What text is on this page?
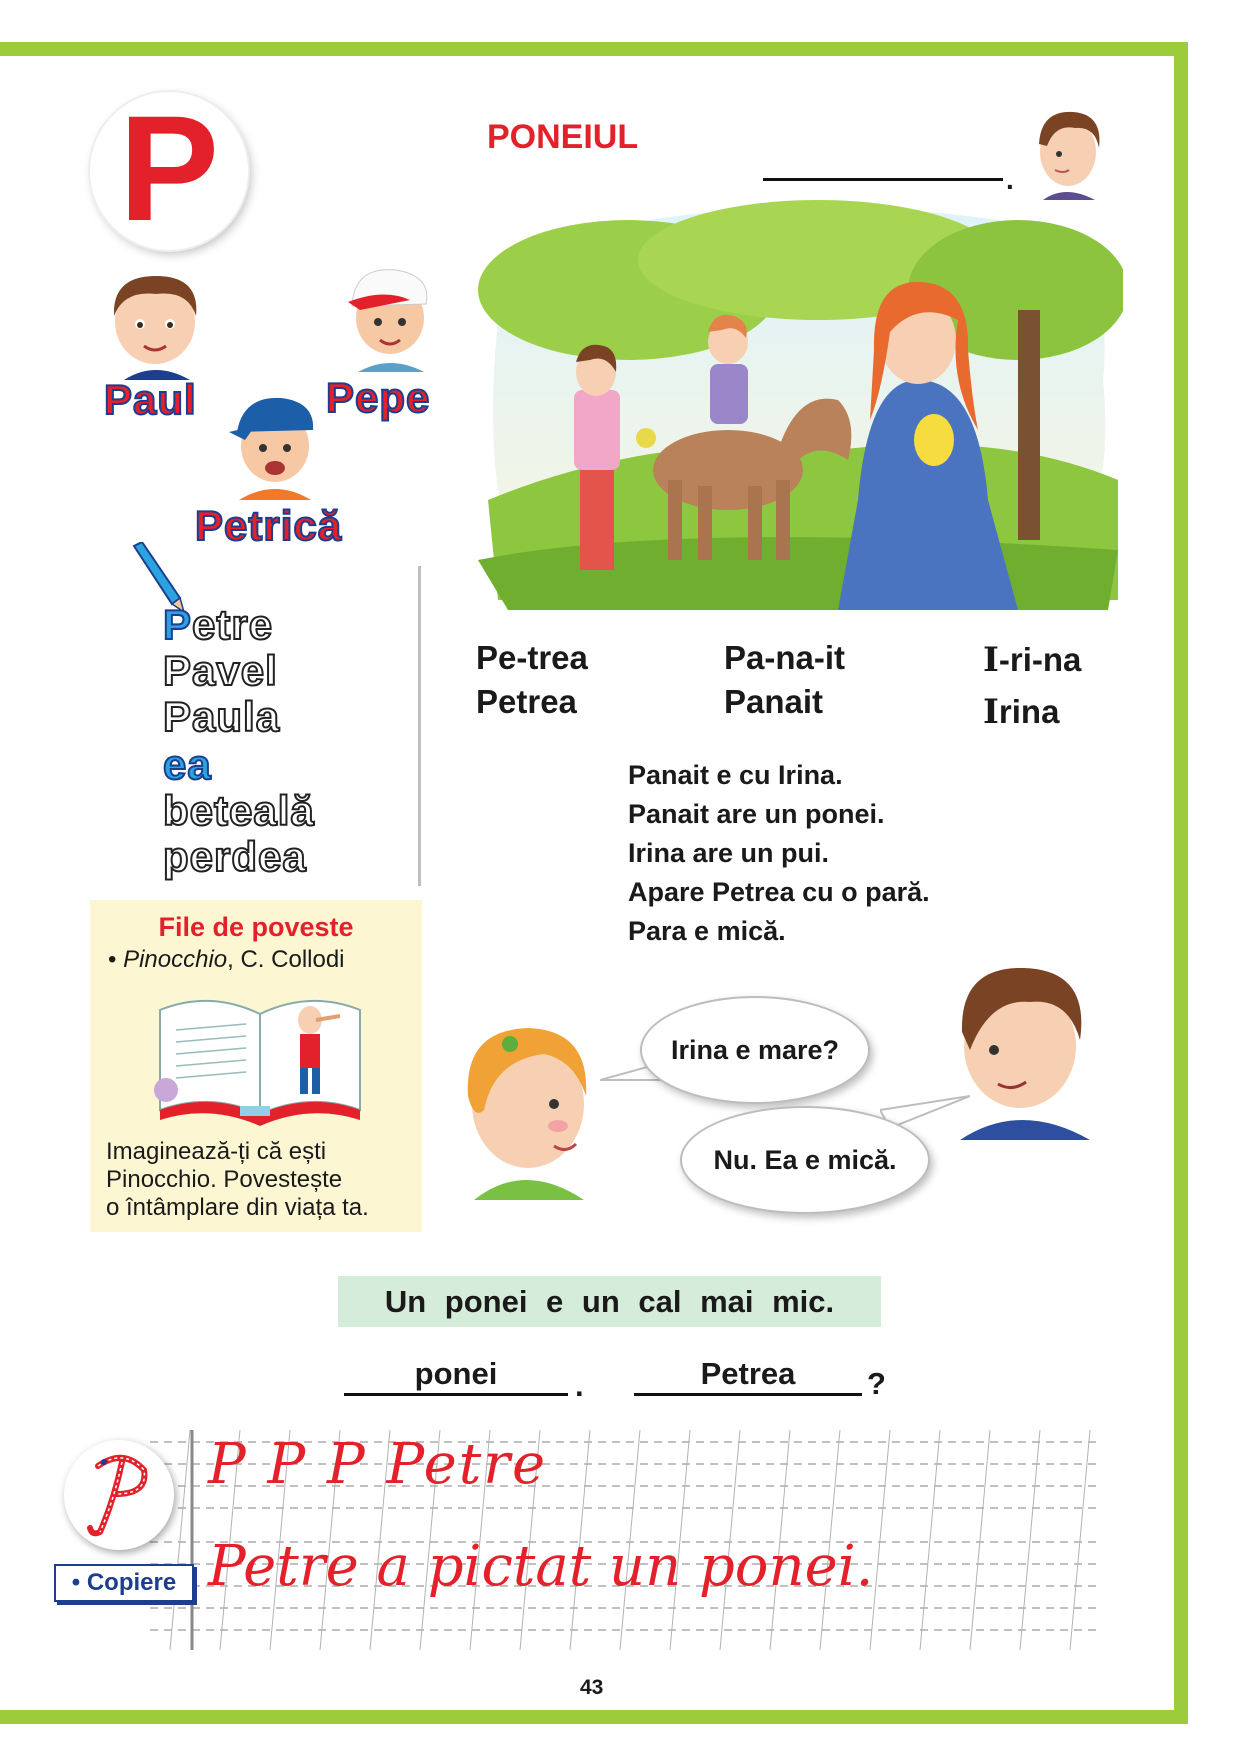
P	PONEIUL
.
Paul	Pepe
Petrică
Petre
Pavel
Paula
ea
beteală
perdea
Pe-trea
Petrea
Pa-na-it
Panait
I-ri-na
Irina
Panait e cu Irina.
Panait are un ponei.
Irina are un pui.
Apare Petrea cu o pară.
Para e mică.
File de poveste
• Pinocchio, C. Collodi
Imaginează-ți că ești
Pinocchio. Povestește
o întâmplare din viața ta.
Irina e mare?
Nu. Ea e mică.
Un ponei e un cal mai mic.
ponei	.	Petrea	?
P P P Petre
Petre a pictat un ponei.
• Copiere
43
